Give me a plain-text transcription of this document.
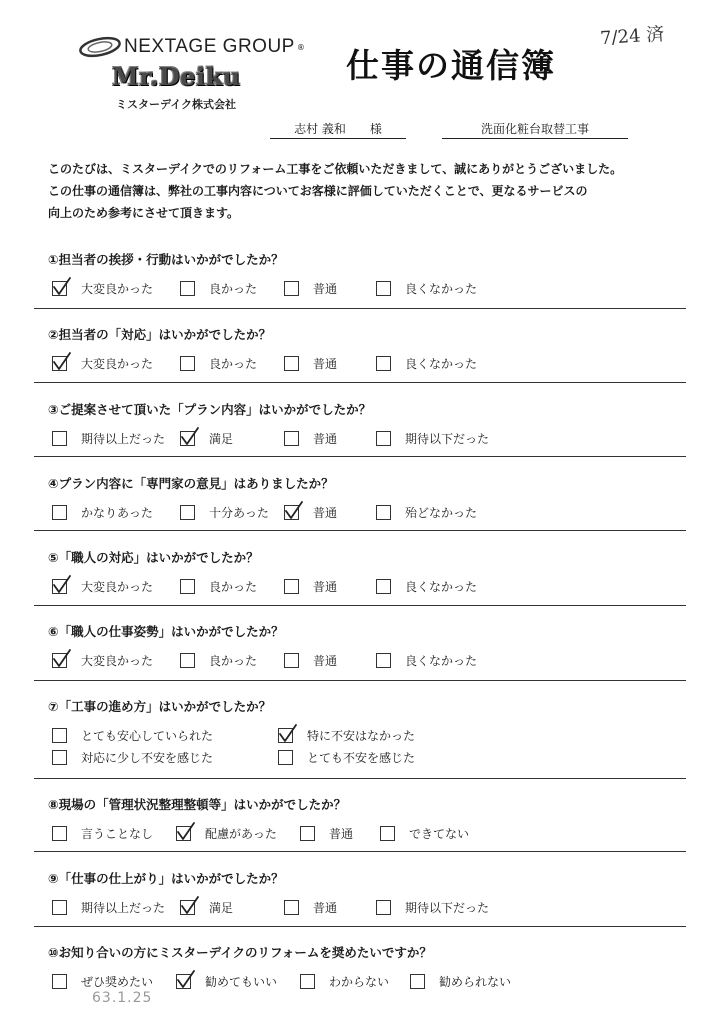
NEXTAGE GROUP ®
Mr.Deiku
ミスターデイク株式会社
仕事の通信簿
7/24 済
志村 義和　　様	洗面化粧台取替工事

このたびは、ミスターデイクでのリフォーム工事をご依頼いただきまして、誠にありがとうございました。

この仕事の通信簿は、弊社の工事内容についてお客様に評価していただくことで、更なるサービスの

向上のため参考にさせて頂きます。

①担当者の挨拶・行動はいかがでしたか？
大変良かった	良かった	普通	良くなかった
②担当者の「対応」はいかがでしたか？
大変良かった	良かった	普通	良くなかった
③ご提案させて頂いた「プラン内容」はいかがでしたか？
期待以上だった	満足	普通	期待以下だった
④プラン内容に「専門家の意見」はありましたか？
かなりあった	十分あった	普通	殆どなかった
⑤「職人の対応」はいかがでしたか？
大変良かった	良かった	普通	良くなかった
⑥「職人の仕事姿勢」はいかがでしたか？
大変良かった	良かった	普通	良くなかった
⑦「工事の進め方」はいかがでしたか？
とても安心していられた	特に不安はなかった
対応に少し不安を感じた	とても不安を感じた
⑧現場の「管理状況整理整頓等」はいかがでしたか？
言うことなし	配慮があった	普通	できてない
⑨「仕事の仕上がり」はいかがでしたか？
期待以上だった	満足	普通	期待以下だった
⑩お知り合いの方にミスターデイクのリフォームを奨めたいですか？
ぜひ奨めたい	勧めてもいい	わからない	勧められない
63.1.25
